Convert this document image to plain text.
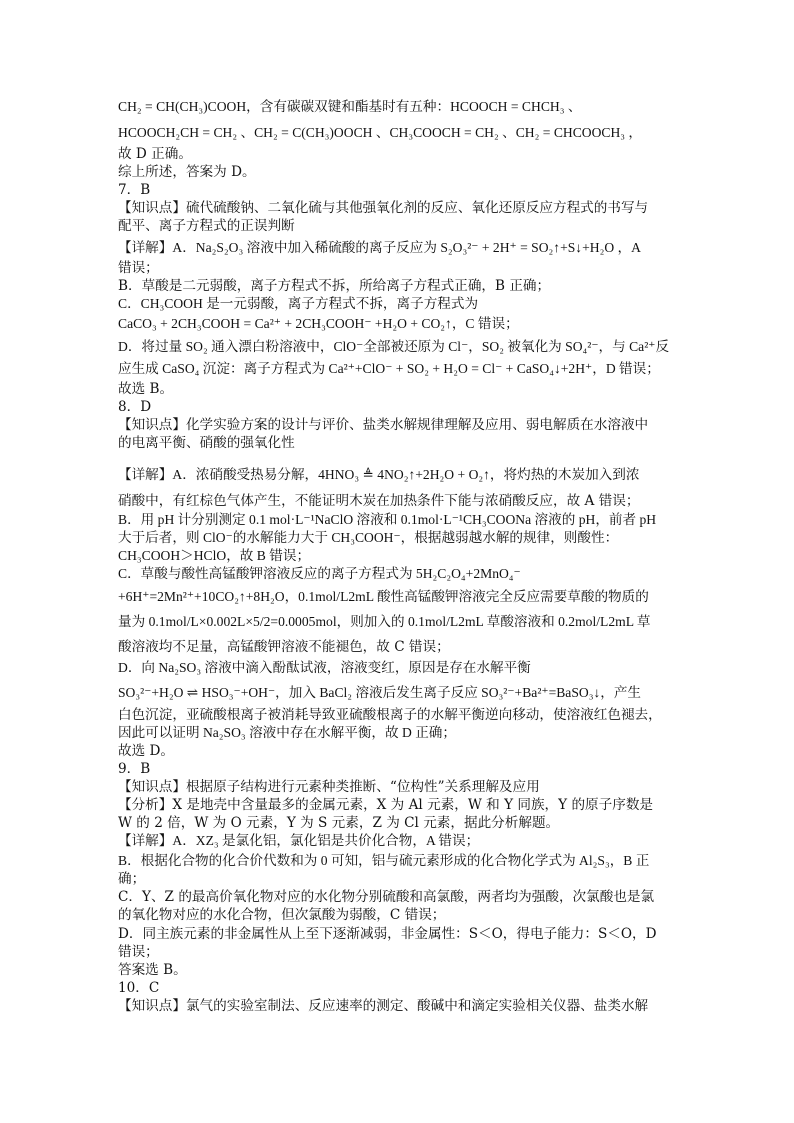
CH₂ = CH(CH₃)COOH，含有碳碳双键和酯基时有五种：HCOOCH = CHCH₃ 、
HCOOCH₂CH = CH₂ 、CH₂ = C(CH₃)OOCH 、CH₃COOCH = CH₂ 、CH₂ = CHCOOCH₃ ，
故 D 正确。
综上所述，答案为 D。
7．B
【知识点】硫代硫酸钠、二氧化硫与其他强氧化剂的反应、氧化还原反应方程式的书写与
配平、离子方程式的正误判断
【详解】A．Na₂S₂O₃ 溶液中加入稀硫酸的离子反应为 S₂O₃²⁻ + 2H⁺ = SO₂↑+S↓+H₂O ，A
错误；
B．草酸是二元弱酸，离子方程式不拆，所给离子方程式正确，B 正确；
C．CH₃COOH 是一元弱酸，离子方程式不拆，离子方程式为
CaCO₃ + 2CH₃COOH = Ca²⁺ + 2CH₃COOH⁻ +H₂O + CO₂↑，C 错误；
D．将过量 SO₂ 通入漂白粉溶液中，ClO⁻全部被还原为 Cl⁻，SO₂ 被氧化为 SO₄²⁻，与 Ca²⁺反
应生成 CaSO₄ 沉淀：离子方程式为 Ca²⁺+ClO⁻ + SO₂ + H₂O = Cl⁻ + CaSO₄↓+2H⁺，D 错误；
故选 B。
8．D
【知识点】化学实验方案的设计与评价、盐类水解规律理解及应用、弱电解质在水溶液中
的电离平衡、硝酸的强氧化性
【详解】A．浓硝酸受热易分解，4HNO₃ ≜ 4NO₂↑+2H₂O + O₂↑，将灼热的木炭加入到浓
硝酸中，有红棕色气体产生，不能证明木炭在加热条件下能与浓硝酸反应，故 A 错误；
B．用 pH 计分别测定 0.1 mol·L⁻¹NaClO 溶液和 0.1mol·L⁻¹CH₃COONa 溶液的 pH，前者 pH
大于后者，则 ClO⁻的水解能力大于 CH₃COOH⁻，根据越弱越水解的规律，则酸性：
CH₃COOH＞HClO，故 B 错误；
C．草酸与酸性高锰酸钾溶液反应的离子方程式为 5H₂C₂O₄+2MnO₄⁻
+6H⁺=2Mn²⁺+10CO₂↑+8H₂O，0.1mol/L2mL 酸性高锰酸钾溶液完全反应需要草酸的物质的
量为 0.1mol/L×0.002L×5/2=0.0005mol，则加入的 0.1mol/L2mL 草酸溶液和 0.2mol/L2mL 草
酸溶液均不足量，高锰酸钾溶液不能褪色，故 C 错误；
D．向 Na₂SO₃ 溶液中滴入酚酞试液，溶液变红，原因是存在水解平衡
SO₃²⁻+H₂O ⇌ HSO₃⁻+OH⁻，加入 BaCl₂ 溶液后发生离子反应 SO₃²⁻+Ba²⁺=BaSO₃↓，产生
白色沉淀，亚硫酸根离子被消耗导致亚硫酸根离子的水解平衡逆向移动，使溶液红色褪去，
因此可以证明 Na₂SO₃ 溶液中存在水解平衡，故 D 正确；
故选 D。
9．B
【知识点】根据原子结构进行元素种类推断、“位构性”关系理解及应用
【分析】X 是地壳中含量最多的金属元素，X 为 Al 元素，W 和 Y 同族，Y 的原子序数是
W 的 2 倍，W 为 O 元素，Y 为 S 元素，Z 为 Cl 元素，据此分析解题。
【详解】A．XZ₃ 是氯化铝，氯化铝是共价化合物，A 错误；
B．根据化合物的化合价代数和为 0 可知，铝与硫元素形成的化合物化学式为 Al₂S₃，B 正
确；
C．Y、Z 的最高价氧化物对应的水化物分别硫酸和高氯酸，两者均为强酸，次氯酸也是氯
的氧化物对应的水化合物，但次氯酸为弱酸，C 错误；
D．同主族元素的非金属性从上至下逐渐减弱，非金属性：S＜O，得电子能力：S＜O，D
错误；
答案选 B。
10．C
【知识点】氯气的实验室制法、反应速率的测定、酸碱中和滴定实验相关仪器、盐类水解
